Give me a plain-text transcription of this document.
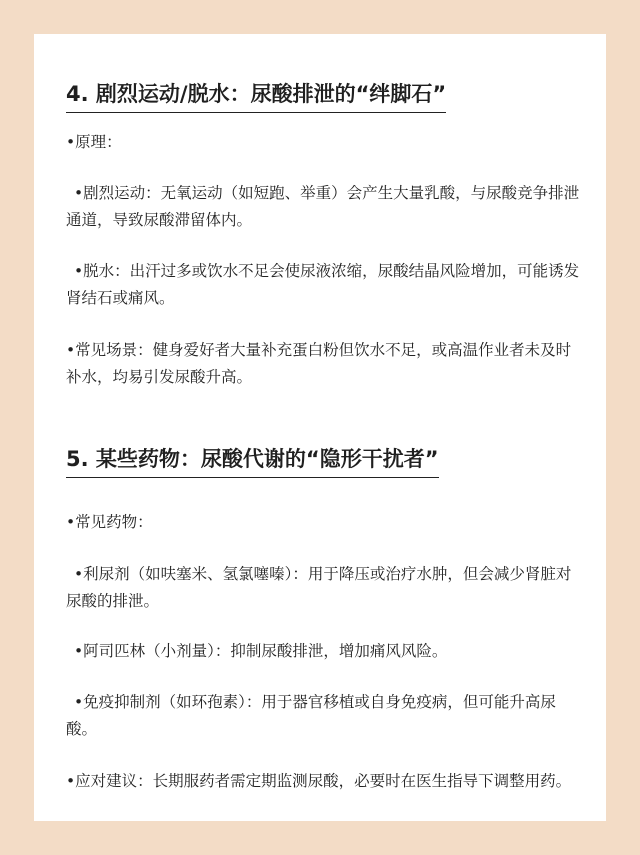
4. 剧烈运动/脱水：尿酸排泄的“绊脚石”
•原理：
•剧烈运动：无氧运动（如短跑、举重）会产生大量乳酸，与尿酸竞争排泄通道，导致尿酸滞留体内。
•脱水：出汗过多或饮水不足会使尿液浓缩，尿酸结晶风险增加，可能诱发肾结石或痛风。
•常见场景：健身爱好者大量补充蛋白粉但饮水不足，或高温作业者未及时补水，均易引发尿酸升高。
5. 某些药物：尿酸代谢的“隐形干扰者”
•常见药物：
•利尿剂（如呋塞米、氢氯噻嗪）：用于降压或治疗水肿，但会减少肾脏对尿酸的排泄。
•阿司匹林（小剂量）：抑制尿酸排泄，增加痛风风险。
•免疫抑制剂（如环孢素）：用于器官移植或自身免疫病，但可能升高尿酸。
•应对建议：长期服药者需定期监测尿酸，必要时在医生指导下调整用药。
